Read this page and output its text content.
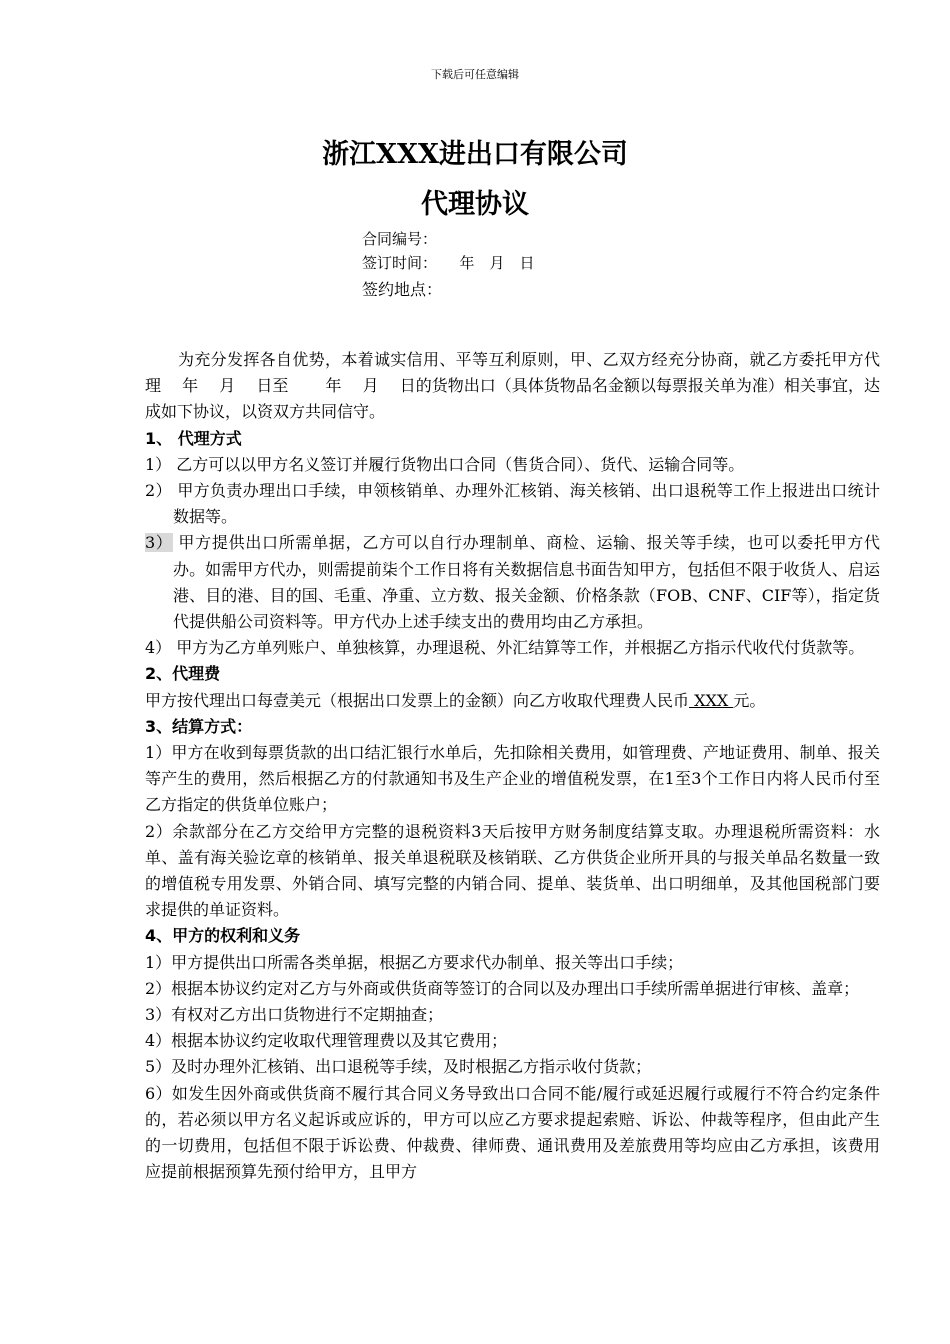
下载后可任意编辑
浙江XXX进出口有限公司
代理协议
合同编号：
签订时间：　　年　月　日
签约地点：

为充分发挥各自优势，本着诚实信用、平等互利原则，甲、乙双方经充分协商，就乙方委托甲方代理　 年　 月　 日至　　 年　 月　 日的货物出口（具体货物品名金额以每票报关单为准）相关事宜，达成如下协议，以资双方共同信守。

1、 代理方式

1） 乙方可以以甲方名义签订并履行货物出口合同（售货合同）、货代、运输合同等。

2） 甲方负责办理出口手续，申领核销单、办理外汇核销、海关核销、出口退税等工作上报进出口统计数据等。

3） 甲方提供出口所需单据，乙方可以自行办理制单、商检、运输、报关等手续，也可以委托甲方代办。如需甲方代办，则需提前柒个工作日将有关数据信息书面告知甲方，包括但不限于收货人、启运港、目的港、目的国、毛重、净重、立方数、报关金额、价格条款（FOB、CNF、CIF等），指定货代提供船公司资料等。甲方代办上述手续支出的费用均由乙方承担。

4） 甲方为乙方单列账户、单独核算，办理退税、外汇结算等工作，并根据乙方指示代收代付货款等。

2、代理费

甲方按代理出口每壹美元（根据出口发票上的金额）向乙方收取代理费人民币 XXX 元。

3、结算方式：

1）甲方在收到每票货款的出口结汇银行水单后，先扣除相关费用，如管理费、产地证费用、制单、报关等产生的费用，然后根据乙方的付款通知书及生产企业的增值税发票，在1至3个工作日内将人民币付至乙方指定的供货单位账户；

2）余款部分在乙方交给甲方完整的退税资料3天后按甲方财务制度结算支取。办理退税所需资料：水单、盖有海关验讫章的核销单、报关单退税联及核销联、乙方供货企业所开具的与报关单品名数量一致的增值税专用发票、外销合同、填写完整的内销合同、提单、装货单、出口明细单，及其他国税部门要求提供的单证资料。

4、甲方的权利和义务

1）甲方提供出口所需各类单据，根据乙方要求代办制单、报关等出口手续；

2）根据本协议约定对乙方与外商或供货商等签订的合同以及办理出口手续所需单据进行审核、盖章；

3）有权对乙方出口货物进行不定期抽查；

4）根据本协议约定收取代理管理费以及其它费用；

5）及时办理外汇核销、出口退税等手续，及时根据乙方指示收付货款；

6）如发生因外商或供货商不履行其合同义务导致出口合同不能/履行或延迟履行或履行不符合约定条件的，若必须以甲方名义起诉或应诉的，甲方可以应乙方要求提起索赔、诉讼、仲裁等程序，但由此产生的一切费用，包括但不限于诉讼费、仲裁费、律师费、通讯费用及差旅费用等均应由乙方承担，该费用应提前根据预算先预付给甲方，且甲方
